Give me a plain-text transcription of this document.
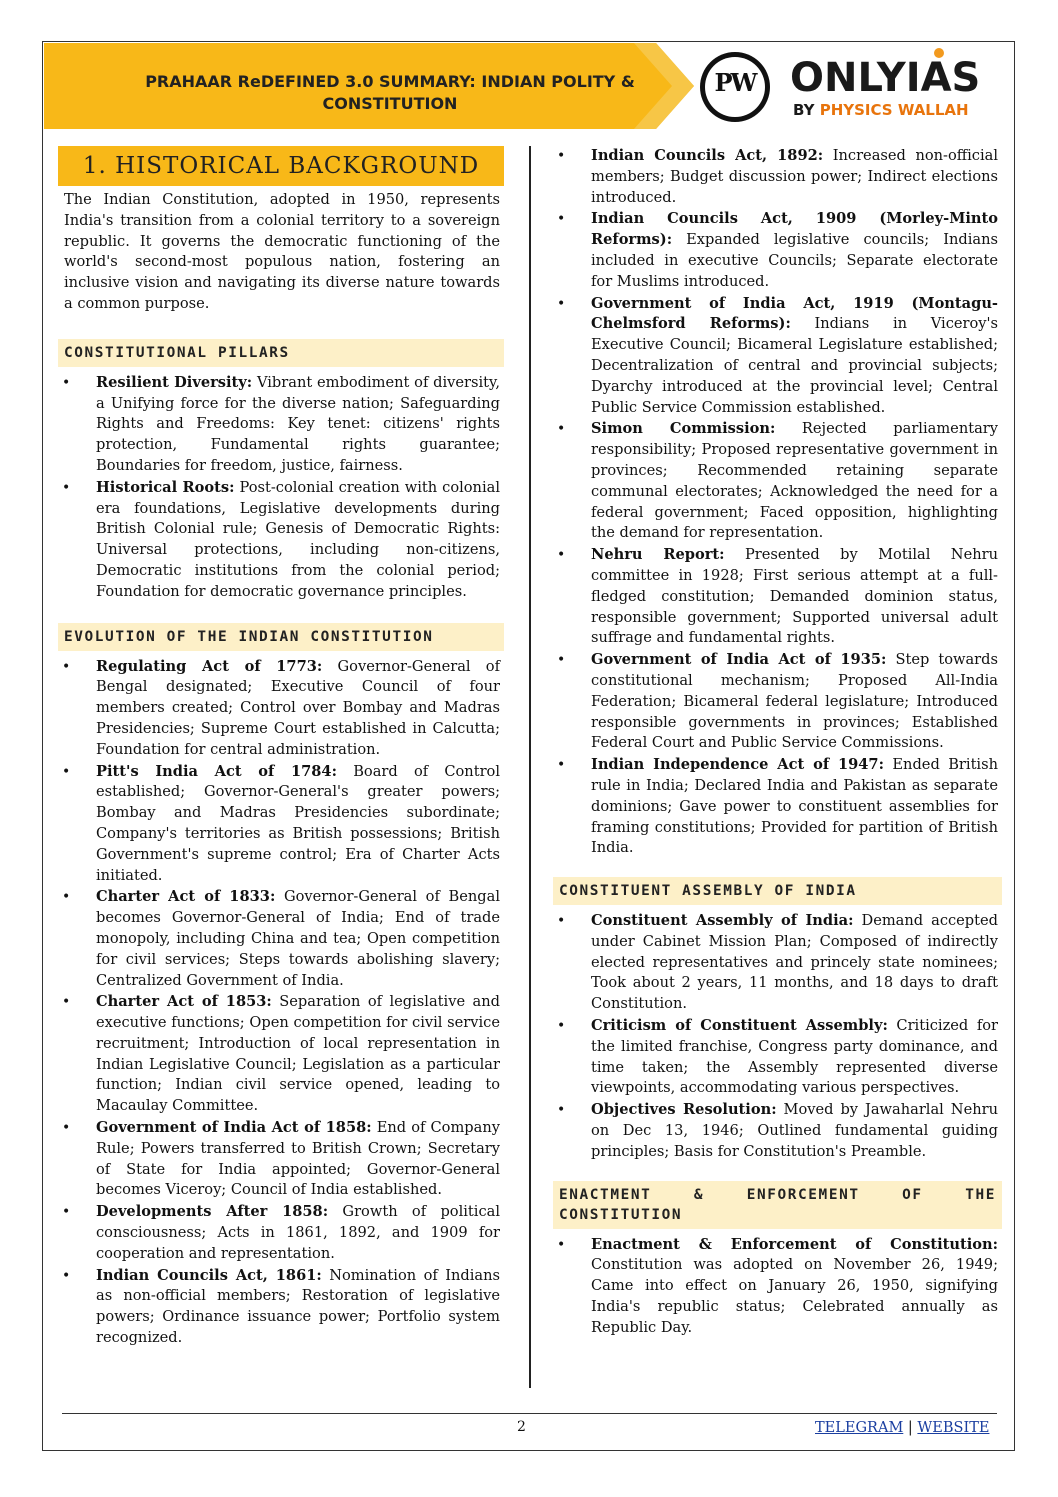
PRAHAAR ReDEFINED 3.0 SUMMARY: INDIAN POLITY &
CONSTITUTION
PW ONLYIAS
BY PHYSICS WALLAH
1. HISTORICAL BACKGROUND

The Indian Constitution, adopted in 1950, represents India's transition from a colonial territory to a sovereign republic. It governs the democratic functioning of the world's second-most populous nation, fostering an inclusive vision and navigating its diverse nature towards a common purpose.

CONSTITUTIONAL PILLARS
• Resilient Diversity: Vibrant embodiment of diversity, a Unifying force for the diverse nation; Safeguarding Rights and Freedoms: Key tenet: citizens' rights protection, Fundamental rights guarantee; Boundaries for freedom, justice, fairness.
• Historical Roots: Post-colonial creation with colonial era foundations, Legislative developments during British Colonial rule; Genesis of Democratic Rights: Universal protections, including non-citizens, Democratic institutions from the colonial period; Foundation for democratic governance principles.
EVOLUTION OF THE INDIAN CONSTITUTION
• Regulating Act of 1773: Governor-General of Bengal designated; Executive Council of four members created; Control over Bombay and Madras Presidencies; Supreme Court established in Calcutta; Foundation for central administration.
• Pitt's India Act of 1784: Board of Control established; Governor-General's greater powers; Bombay and Madras Presidencies subordinate; Company's territories as British possessions; British Government's supreme control; Era of Charter Acts initiated.
• Charter Act of 1833: Governor-General of Bengal becomes Governor-General of India; End of trade monopoly, including China and tea; Open competition for civil services; Steps towards abolishing slavery; Centralized Government of India.
• Charter Act of 1853: Separation of legislative and executive functions; Open competition for civil service recruitment; Introduction of local representation in Indian Legislative Council; Legislation as a particular function; Indian civil service opened, leading to Macaulay Committee.
• Government of India Act of 1858: End of Company Rule; Powers transferred to British Crown; Secretary of State for India appointed; Governor-General becomes Viceroy; Council of India established.
• Developments After 1858: Growth of political consciousness; Acts in 1861, 1892, and 1909 for cooperation and representation.
• Indian Councils Act, 1861: Nomination of Indians as non-official members; Restoration of legislative powers; Ordinance issuance power; Portfolio system recognized.
• Indian Councils Act, 1892: Increased non-official members; Budget discussion power; Indirect elections introduced.
• Indian Councils Act, 1909 (Morley-Minto Reforms): Expanded legislative councils; Indians included in executive Councils; Separate electorate for Muslims introduced.
• Government of India Act, 1919 (Montagu-Chelmsford Reforms): Indians in Viceroy's Executive Council; Bicameral Legislature established; Decentralization of central and provincial subjects; Dyarchy introduced at the provincial level; Central Public Service Commission established.
• Simon Commission: Rejected parliamentary responsibility; Proposed representative government in provinces; Recommended retaining separate communal electorates; Acknowledged the need for a federal government; Faced opposition, highlighting the demand for representation.
• Nehru Report: Presented by Motilal Nehru committee in 1928; First serious attempt at a full-fledged constitution; Demanded dominion status, responsible government; Supported universal adult suffrage and fundamental rights.
• Government of India Act of 1935: Step towards constitutional mechanism; Proposed All-India Federation; Bicameral federal legislature; Introduced responsible governments in provinces; Established Federal Court and Public Service Commissions.
• Indian Independence Act of 1947: Ended British rule in India; Declared India and Pakistan as separate dominions; Gave power to constituent assemblies for framing constitutions; Provided for partition of British India.
CONSTITUENT ASSEMBLY OF INDIA
• Constituent Assembly of India: Demand accepted under Cabinet Mission Plan; Composed of indirectly elected representatives and princely state nominees; Took about 2 years, 11 months, and 18 days to draft Constitution.
• Criticism of Constituent Assembly: Criticized for the limited franchise, Congress party dominance, and time taken; the Assembly represented diverse viewpoints, accommodating various perspectives.
• Objectives Resolution: Moved by Jawaharlal Nehru on Dec 13, 1946; Outlined fundamental guiding principles; Basis for Constitution's Preamble.
ENACTMENT & ENFORCEMENT OF THE CONSTITUTION
• Enactment & Enforcement of Constitution: Constitution was adopted on November 26, 1949; Came into effect on January 26, 1950, signifying India's republic status; Celebrated annually as Republic Day.
2	TELEGRAM | WEBSITE
